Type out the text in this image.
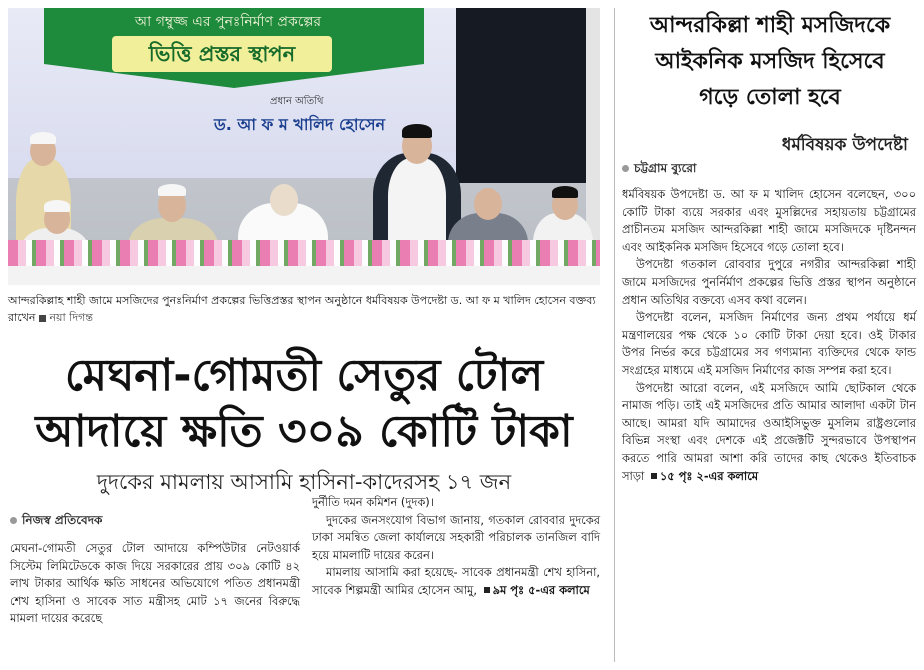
আ গম্বুজ্জ এর পুনঃনির্মাণ প্রকল্পের
ভিত্তি প্রস্তর স্থাপন
প্রধান অতিথি
ড. আ ফ ম খালিদ হোসেন
আন্দরকিল্লাহ শাহী জামে মসজিদের পুনঃনির্মাণ প্রকল্পের ভিত্তিপ্রস্তর স্থাপন অনুষ্ঠানে ধর্মবিষয়ক উপদেষ্টা ড. আ ফ ম খালিদ হোসেন বক্তব্য রাখেন নয়া দিগন্ত
মেঘনা-গোমতী সেতুর টোল
আদায়ে ক্ষতি ৩০৯ কোটি টাকা
দুদকের মামলায় আসামি হাসিনা-কাদেরসহ ১৭ জন
নিজস্ব প্রতিবেদক

মেঘনা-গোমতী সেতুর টোল আদায়ে কম্পিউটার নেটওয়ার্ক সিস্টেম লিমিটেডকে কাজ দিয়ে সরকারের প্রায় ৩০৯ কোটি ৪২ লাখ টাকার আর্থিক ক্ষতি সাধনের অভিযোগে পতিত প্রধানমন্ত্রী শেখ হাসিনা ও সাবেক সাত মন্ত্রীসহ মোট ১৭ জনের বিরুদ্ধে মামলা দায়ের করেছে

দুর্নীতি দমন কমিশন (দুদক)।

দুদকের জনসংযোগ বিভাগ জানায়, গতকাল রোববার দুদকের ঢাকা সমন্বিত জেলা কার্যালয়ে সহকারী পরিচালক তানজিল বাদি হয়ে মামলাটি দায়ের করেন।

মামলায় আসামি করা হয়েছে- সাবেক প্রধানমন্ত্রী শেখ হাসিনা, সাবেক শিল্পমন্ত্রী আমির হোসেন আমু, ৯ম পৃঃ ৫-এর কলামে

আন্দরকিল্লা শাহী মসজিদকে
আইকনিক মসজিদ হিসেবে
গড়ে তোলা হবে
ধর্মবিষয়ক উপদেষ্টা
চট্টগ্রাম ব্যুরো

ধর্মবিষয়ক উপদেষ্টা ড. আ ফ ম খালিদ হোসেন বলেছেন, ৩০০ কোটি টাকা ব্যয়ে সরকার এবং মুসল্লিদের সহায়তায় চট্টগ্রামের প্রাচীনতম মসজিদ আন্দরকিল্লা শাহী জামে মসজিদকে দৃষ্টিনন্দন এবং আইকনিক মসজিদ হিসেবে গড়ে তোলা হবে।

উপদেষ্টা গতকাল রোববার দুপুরে নগরীর আন্দরকিল্লা শাহী জামে মসজিদের পুনর্নির্মাণ প্রকল্পের ভিত্তি প্রস্তর স্থাপন অনুষ্ঠানে প্রধান অতিথির বক্তব্যে এসব কথা বলেন।

উপদেষ্টা বলেন, মসজিদ নির্মাণের জন্য প্রথম পর্যায়ে ধর্ম মন্ত্রণালয়ের পক্ষ থেকে ১০ কোটি টাকা দেয়া হবে। ওই টাকার উপর নির্ভর করে চট্টগ্রামের সব গণ্যমান্য ব্যক্তিদের থেকে ফান্ড সংগ্রহের মাধ্যমে এই মসজিদ নির্মাণের কাজ সম্পন্ন করা হবে।

উপদেষ্টা আরো বলেন, এই মসজিদে আমি ছোটকাল থেকে নামাজ পড়ি। তাই এই মসজিদের প্রতি আমার আলাদা একটা টান আছে। আমরা যদি আমাদের ওআইসিভুক্ত মুসলিম রাষ্ট্রগুলোর বিভিন্ন সংস্থা এবং দেশকে এই প্রজেক্টটি সুন্দরভাবে উপস্থাপন করতে পারি আমরা আশা করি তাদের কাছ থেকেও ইতিবাচক সাড়া ১৫ পৃঃ ২-এর কলামে
